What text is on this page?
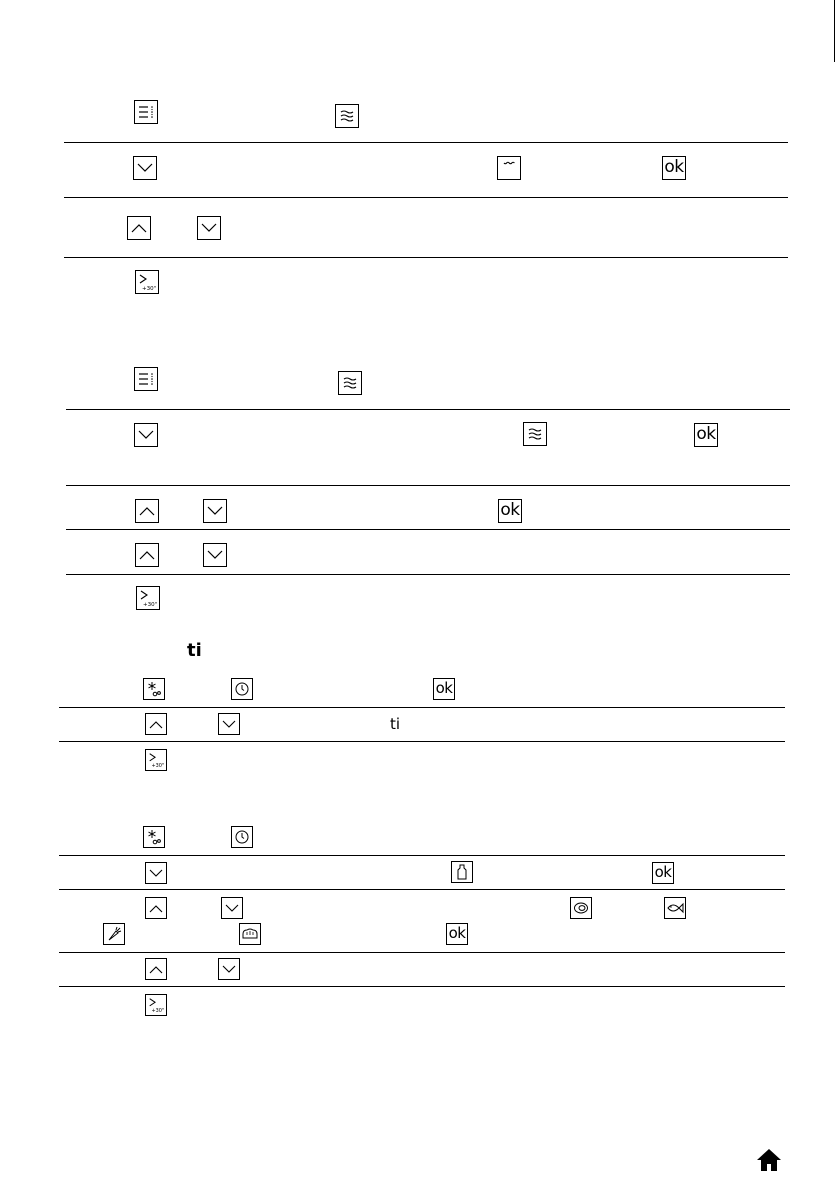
ok
+30"
ok
ok
+30"
ti
ok
ti
+30"
ok
ok
+30"
